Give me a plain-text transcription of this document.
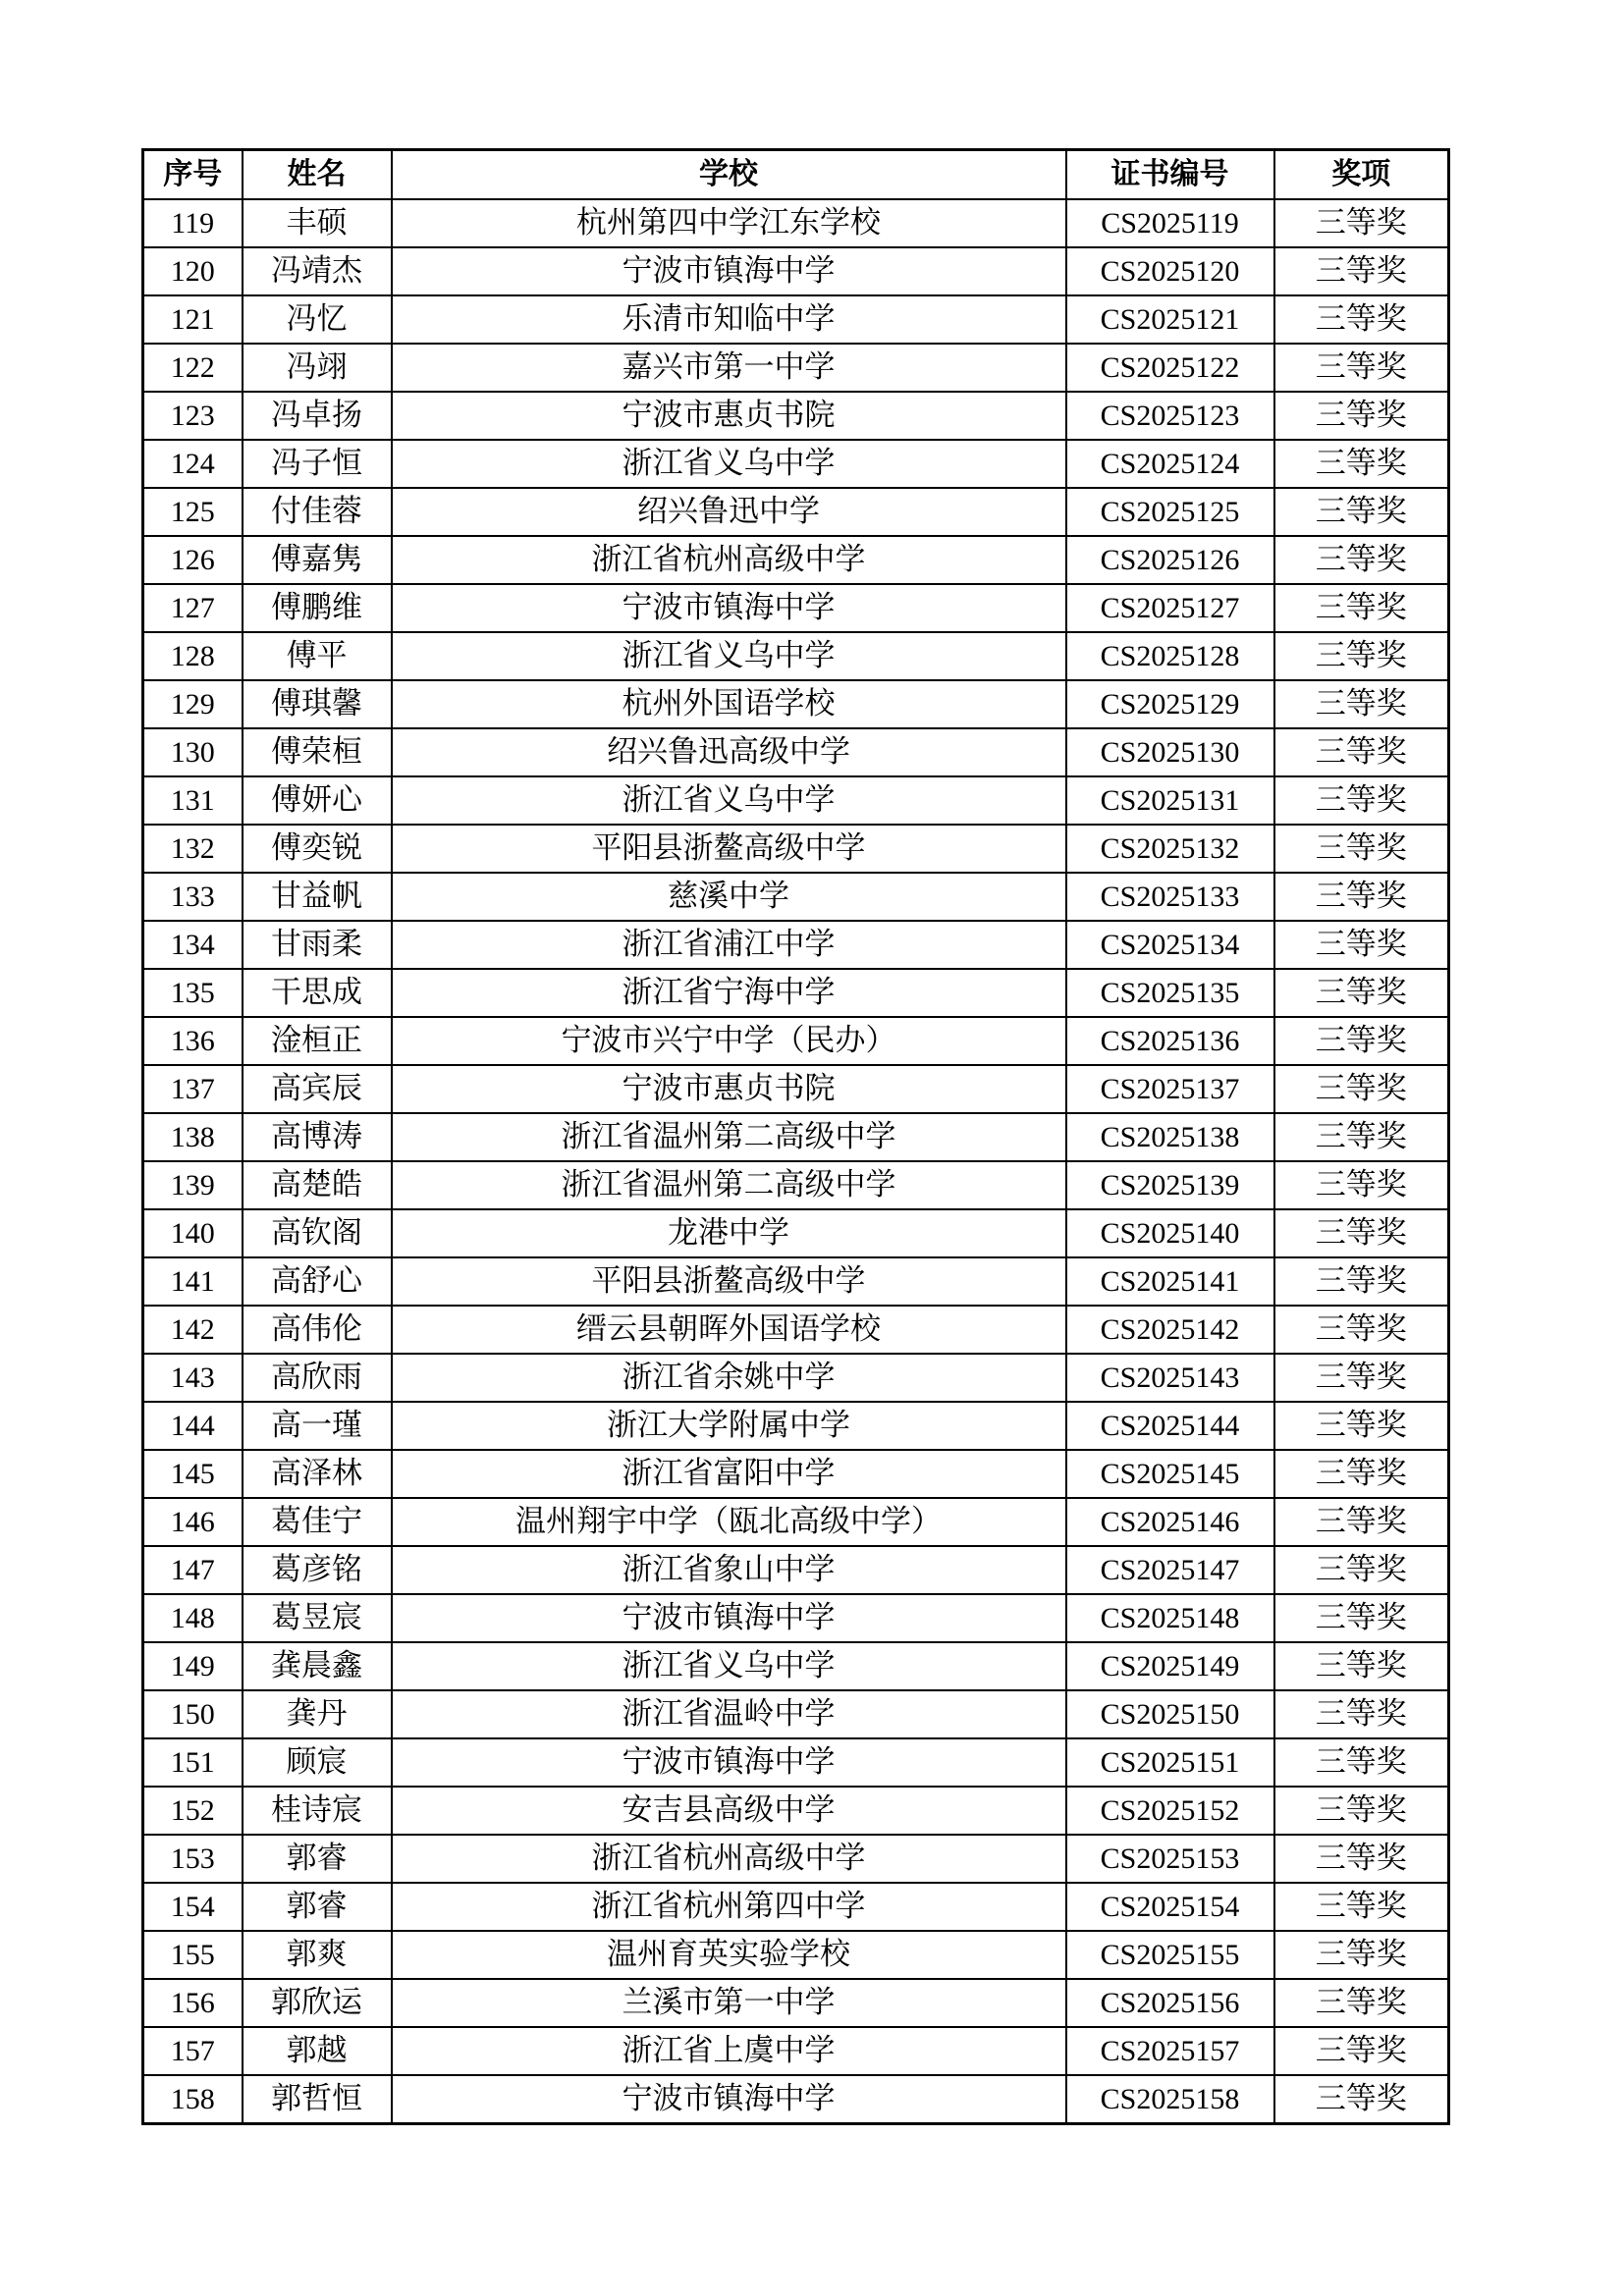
序号	姓名	学校	证书编号	奖项
119	丰硕	杭州第四中学江东学校	CS2025119	三等奖
120	冯靖杰	宁波市镇海中学	CS2025120	三等奖
121	冯忆	乐清市知临中学	CS2025121	三等奖
122	冯翊	嘉兴市第一中学	CS2025122	三等奖
123	冯卓扬	宁波市惠贞书院	CS2025123	三等奖
124	冯子恒	浙江省义乌中学	CS2025124	三等奖
125	付佳蓉	绍兴鲁迅中学	CS2025125	三等奖
126	傅嘉隽	浙江省杭州高级中学	CS2025126	三等奖
127	傅鹏维	宁波市镇海中学	CS2025127	三等奖
128	傅平	浙江省义乌中学	CS2025128	三等奖
129	傅琪馨	杭州外国语学校	CS2025129	三等奖
130	傅荣桓	绍兴鲁迅高级中学	CS2025130	三等奖
131	傅妍心	浙江省义乌中学	CS2025131	三等奖
132	傅奕锐	平阳县浙鳌高级中学	CS2025132	三等奖
133	甘益帆	慈溪中学	CS2025133	三等奖
134	甘雨柔	浙江省浦江中学	CS2025134	三等奖
135	干思成	浙江省宁海中学	CS2025135	三等奖
136	淦桓正	宁波市兴宁中学（民办）	CS2025136	三等奖
137	高宾辰	宁波市惠贞书院	CS2025137	三等奖
138	高博涛	浙江省温州第二高级中学	CS2025138	三等奖
139	高楚皓	浙江省温州第二高级中学	CS2025139	三等奖
140	高钦阁	龙港中学	CS2025140	三等奖
141	高舒心	平阳县浙鳌高级中学	CS2025141	三等奖
142	高伟伦	缙云县朝晖外国语学校	CS2025142	三等奖
143	高欣雨	浙江省余姚中学	CS2025143	三等奖
144	高一瑾	浙江大学附属中学	CS2025144	三等奖
145	高泽林	浙江省富阳中学	CS2025145	三等奖
146	葛佳宁	温州翔宇中学（瓯北高级中学）	CS2025146	三等奖
147	葛彦铭	浙江省象山中学	CS2025147	三等奖
148	葛昱宸	宁波市镇海中学	CS2025148	三等奖
149	龚晨鑫	浙江省义乌中学	CS2025149	三等奖
150	龚丹	浙江省温岭中学	CS2025150	三等奖
151	顾宸	宁波市镇海中学	CS2025151	三等奖
152	桂诗宸	安吉县高级中学	CS2025152	三等奖
153	郭睿	浙江省杭州高级中学	CS2025153	三等奖
154	郭睿	浙江省杭州第四中学	CS2025154	三等奖
155	郭爽	温州育英实验学校	CS2025155	三等奖
156	郭欣运	兰溪市第一中学	CS2025156	三等奖
157	郭越	浙江省上虞中学	CS2025157	三等奖
158	郭哲恒	宁波市镇海中学	CS2025158	三等奖
